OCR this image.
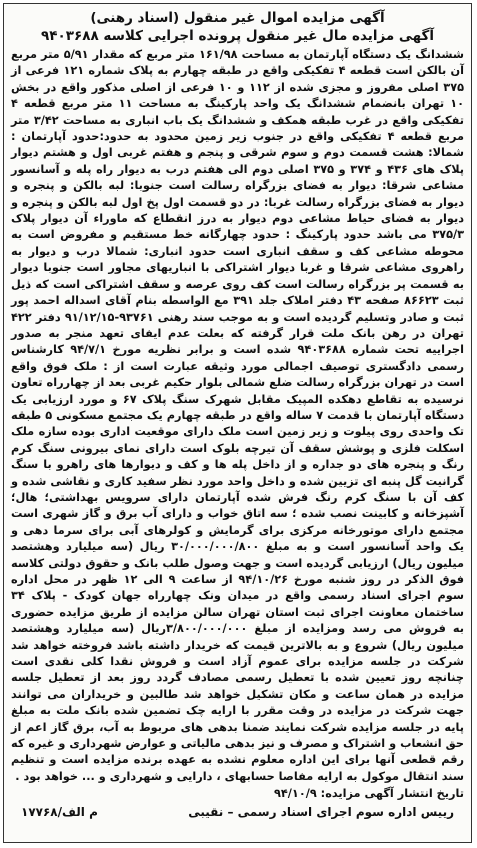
آگهی مزایده اموال غیر منقول (اسناد رهنی)
آگهی مزایده مال غیر منقول پرونده اجرایی کلاسه ۹۴۰۳۶۸۸

ششدانگ یک دستگاه آپارتمان به مساحت ۱۶۱/۹۸ متر مربع که مقدار ۵/۹۱ متر مربع آن بالکن است قطعه ۴ تفکیکی واقع در طبقه چهارم به پلاک شماره ۱۲۱ فرعی از ۳۷۵ اصلی مفروز و مجزی شده از ۱۱۲ و ۱۰ فرعی از اصلی مذکور واقع در بخش ۱۰ تهران بانضمام ششدانگ یک واحد پارکینگ به مساحت ۱۱ متر مربع قطعه ۴ تفکیکی واقع در غرب طبقه همکف و ششدانگ یک باب انباری به مساحت ۳/۴۲ متر مربع قطعه ۴ تفکیکی واقع در جنوب زیر زمین محدود به حدود:حدود آپارتمان : شمالا: هشت قسمت دوم و سوم شرقی و پنجم و هفتم غربی اول و هشتم دیوار پلاک های ۴۳۶ و ۳۷۴ و ۳۷۵ اصلی دوم الی هفتم درب به دیوار راه پله و آسانسور مشاعی شرقا: دیوار به فضای بزرگراه رسالت است جنوبا: لبه بالکن و پنجره و دیوار به فضای بزرگراه رسالت غربا: در دو قسمت اول پخ اول لبه بالکن و پنجره و دیوار به فضای حیاط مشاعی دوم دیوار به درز انقطاع که ماوراء آن دیوار پلاک ۳۷۵/۳ می باشد حدود پارکینگ : حدود چهارگانه خط مستقیم و مفروض است به محوطه مشاعی کف و سقف انباری است حدود انباری: شمالا درب و دیوار به راهروی مشاعی شرقا و غربا دیوار اشتراکی با انباریهای مجاور است جنوبا دیوار به قسمت پر بزرگراه رسالت است کف روی عرصه و سقف اشتراکی است که ذیل ثبت ۸۶۶۲۳ صفحه ۴۳ دفتر املاک جلد ۳۹۱ مع الواسطه بنام آقای اسداله احمد پور ثبت و صادر وتسلیم گردیده است و به موجب سند رهنی ۹۳۷۶۱-۹۱/۱۲/۱۵ دفتر ۴۲۲ تهران در رهن بانک ملت قرار گرفته که بعلت عدم ایفای تعهد منجر به صدور اجراییه تحت شماره ۹۴۰۳۶۸۸ شده است و برابر نظریه مورخ ۹۴/۷/۱ کارشناس رسمی دادگستری توصیف اجمالی مورد وثیقه عبارت است از : ملک فوق واقع است در تهران بزرگراه رسالت ضلع شمالی بلوار حکیم غربی بعد از چهارراه تعاون نرسیده به تقاطع دهکده المپیک مقابل شهرک سنگ پلاک ۶۷ و مورد ارزیابی یک دستگاه آپارتمان با قدمت ۷ ساله واقع در طبقه چهارم یک مجتمع مسکونی ۵ طبقه تک واحدی روی پیلوت و زیر زمین است ملک دارای موقعیت اداری بوده سازه ملک اسکلت فلزی و پوشش سقف آن تیرچه بلوک است دارای نمای بیرونی سنگ کرم رنگ و پنجره های دو جداره و از داخل پله ها و کف و دیوارها های راهرو با سنگ گرانیت گل پنبه ای تزیین شده و داخل واحد مورد نظر سفید کاری و نقاشی شده و کف آن با سنگ کرم رنگ فرش شده آپارتمان دارای سرویس بهداشتی؛ هال؛ آشپزخانه و کابینت نصب شده ؛ سه اتاق خواب و دارای آب برق و گاز شهری است مجتمع دارای موتورخانه مرکزی برای گرمایش و کولرهای آبی برای سرما دهی و یک واحد آسانسور است و به مبلغ ۳۰/۰۰۰/۰۰۰/۸۰۰ ریال (سه میلیارد وهشتصد میلیون ریال) ارزیابی گردیده است و جهت وصول طلب بانک و حقوق دولتی کلاسه فوق الذکر در روز شنبه مورخ ۹۴/۱۰/۲۶ از ساعت ۹ الی ۱۲ ظهر در محل اداره سوم اجرای اسناد رسمی واقع در میدان ونک چهارراه جهان کودک - پلاک ۳۴ ساختمان معاونت اجرای ثبت استان تهران سالن مزایده از طریق مزایده حضوری به فروش می رسد ومزایده از مبلغ ۳/۸۰۰/۰۰۰/۰۰۰ریال (سه میلیارد وهشتصد میلیون ریال) شروع و به بالاترین قیمت که خریدار داشته باشد فروخته خواهد شد شرکت در جلسه مزایده برای عموم آزاد است و فروش نقدا کلی نقدی است چنانچه روز تعیین شده با تعطیل رسمی مصادف گردد روز بعد از تعطیل جلسه مزایده در همان ساعت و مکان تشکیل خواهد شد طالبین و خریداران می توانند جهت شرکت در مزایده در وقت مقرر با ارایه چک تضمین شده بانک ملت به مبلغ پایه در جلسه مزایده شرکت نمایند ضمنا بدهی های مربوط به آب، برق گاز اعم از حق انشعاب و اشتراک و مصرف و نیز بدهی مالیاتی و عوارض شهرداری و غیره که رقم قطعی آنها برای این اداره معلوم نشده به عهده برنده مزایده است و تنظیم سند انتقال موکول به ارایه مفاصا حسابهای ، دارایی و شهرداری و ... خواهد بود .

تاریخ انتشار آگهی مزایده: ۹۴/۱۰/۹

رییس اداره سوم اجرای اسناد رسمی – نقیبی
م الف/۱۷۷۶۸
